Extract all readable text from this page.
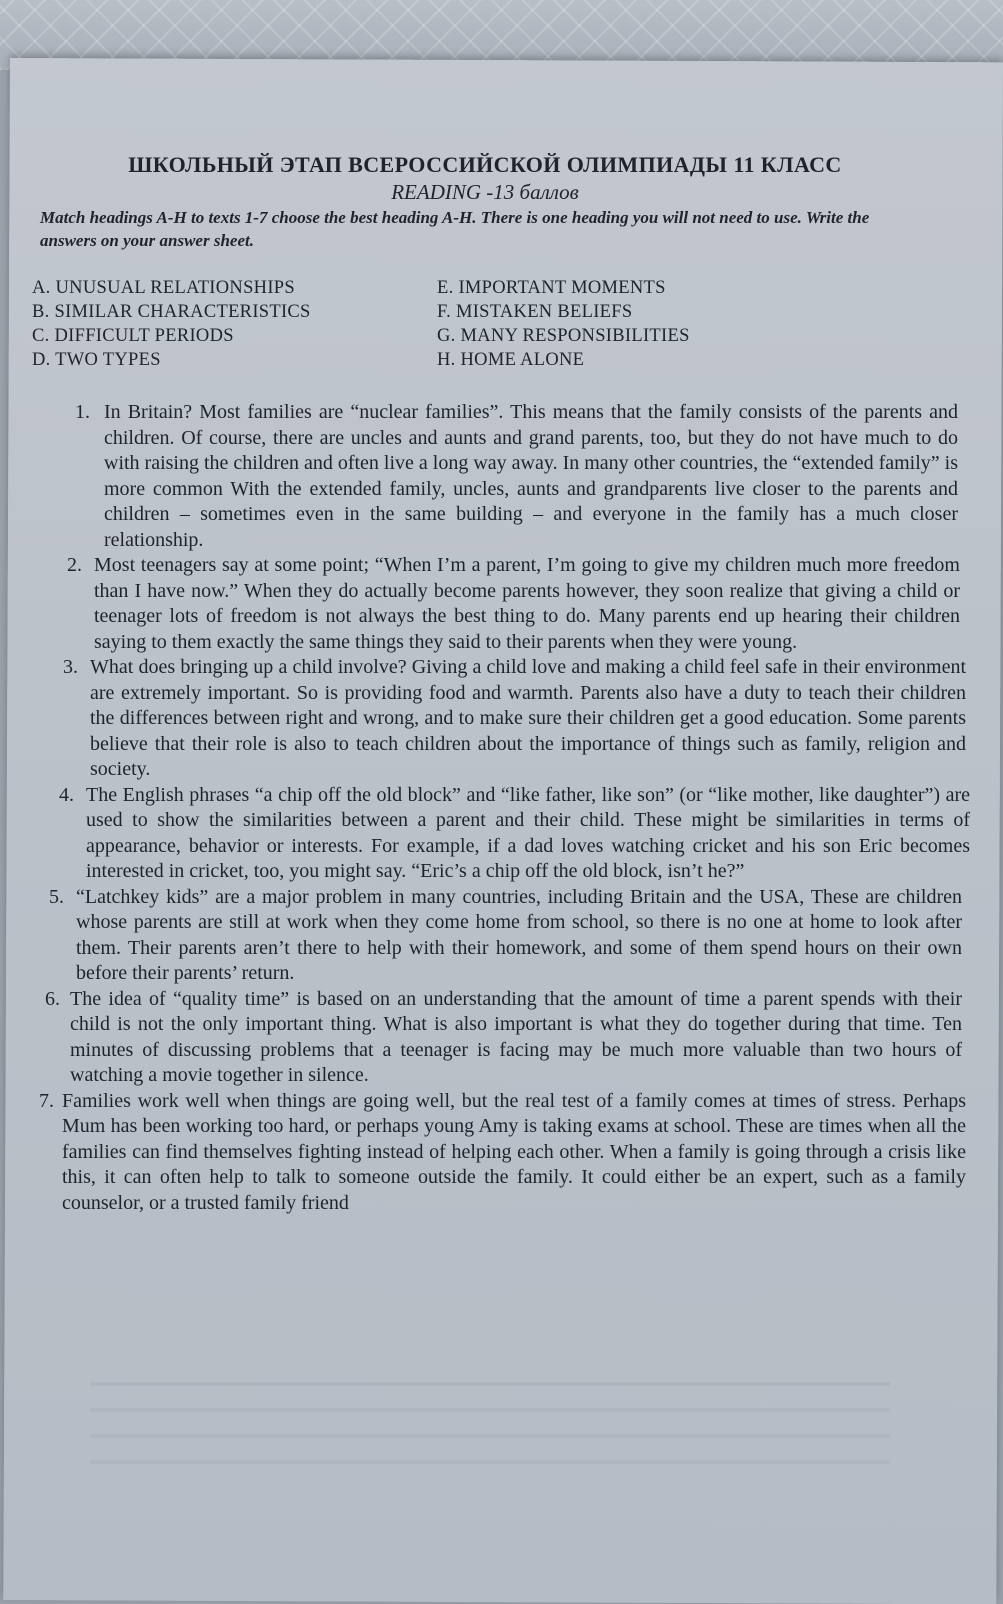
ШКОЛЬНЫЙ ЭТАП ВСЕРОССИЙСКОЙ ОЛИМПИАДЫ 11 КЛАСС
READING -13 баллов
Match headings A-H to texts 1-7 choose the best heading A-H. There is one heading you will not need to use. Write the answers on your answer sheet.
A. UNUSUAL RELATIONSHIPS	E. IMPORTANT MOMENTS
B. SIMILAR CHARACTERISTICS	F. MISTAKEN BELIEFS
C. DIFFICULT PERIODS	G. MANY RESPONSIBILITIES
D. TWO TYPES	H. HOME ALONE
1. In Britain? Most families are “nuclear families”. This means that the family consists of the parents and children. Of course, there are uncles and aunts and grand parents, too, but they do not have much to do with raising the children and often live a long way away. In many other countries, the “extended family” is more common With the extended family, uncles, aunts and grandparents live closer to the parents and children – sometimes even in the same building – and everyone in the family has a much closer relationship.
2. Most teenagers say at some point; “When I’m a parent, I’m going to give my children much more freedom than I have now.” When they do actually become parents however, they soon realize that giving a child or teenager lots of freedom is not always the best thing to do. Many parents end up hearing their children saying to them exactly the same things they said to their parents when they were young.
3. What does bringing up a child involve? Giving a child love and making a child feel safe in their environment are extremely important. So is providing food and warmth. Parents also have a duty to teach their children the differences between right and wrong, and to make sure their children get a good education. Some parents believe that their role is also to teach children about the importance of things such as family, religion and society.
4. The English phrases “a chip off the old block” and “like father, like son” (or “like mother, like daughter”) are used to show the similarities between a parent and their child. These might be similarities in terms of appearance, behavior or interests. For example, if a dad loves watching cricket and his son Eric becomes interested in cricket, too, you might say. “Eric’s a chip off the old block, isn’t he?”
5. “Latchkey kids” are a major problem in many countries, including Britain and the USA, These are children whose parents are still at work when they come home from school, so there is no one at home to look after them. Their parents aren’t there to help with their homework, and some of them spend hours on their own before their parents’ return.
6. The idea of “quality time” is based on an understanding that the amount of time a parent spends with their child is not the only important thing. What is also important is what they do together during that time. Ten minutes of discussing problems that a teenager is facing may be much more valuable than two hours of watching a movie together in silence.
7. Families work well when things are going well, but the real test of a family comes at times of stress. Perhaps Mum has been working too hard, or perhaps young Amy is taking exams at school. These are times when all the families can find themselves fighting instead of helping each other. When a family is going through a crisis like this, it can often help to talk to someone outside the family. It could either be an expert, such as a family counselor, or a trusted family friend
